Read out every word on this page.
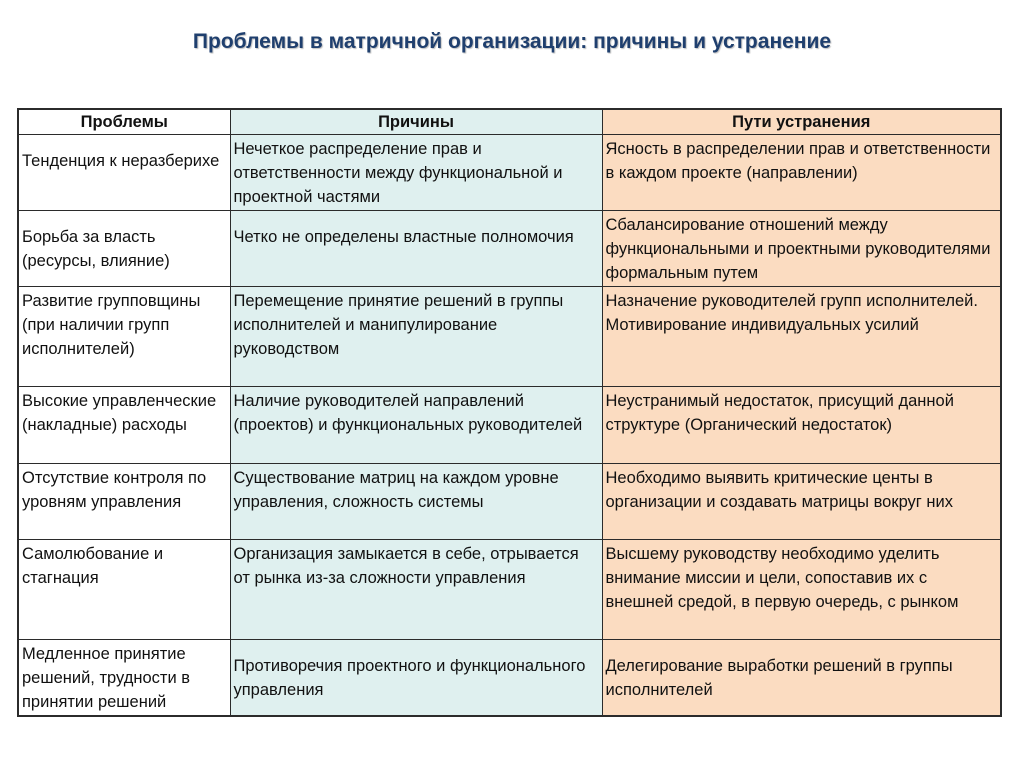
Проблемы в матричной организации: причины и устранение
Проблемы	Причины	Пути устранения
Тенденция к неразберихе	Нечеткое распределение прав и ответственности между функциональной и проектной частями	Ясность в распределении прав и ответственности в каждом проекте (направлении)
Борьба за власть (ресурсы, влияние)	Четко не определены властные полномочия	Сбалансирование отношений между функциональными и проектными руководителями формальным путем
Развитие групповщины (при наличии групп исполнителей)	Перемещение принятие решений в группы исполнителей и манипулирование руководством	Назначение руководителей групп исполнителей. Мотивирование индивидуальных усилий
Высокие управленческие (накладные) расходы	Наличие руководителей направлений (проектов) и функциональных руководителей	Неустранимый недостаток, присущий данной структуре (Органический недостаток)
Отсутствие контроля по уровням управления	Существование матриц на каждом уровне управления, сложность системы	Необходимо выявить критические центы в организации и создавать матрицы вокруг них
Самолюбование и стагнация	Организация замыкается в себе, отрывается от рынка из-за сложности управления	Высшему руководству необходимо уделить внимание миссии и цели, сопоставив их с внешней средой, в первую очередь, с рынком
Медленное принятие решений, трудности в принятии решений	Противоречия проектного и функционального управления	Делегирование выработки решений в группы исполнителей
